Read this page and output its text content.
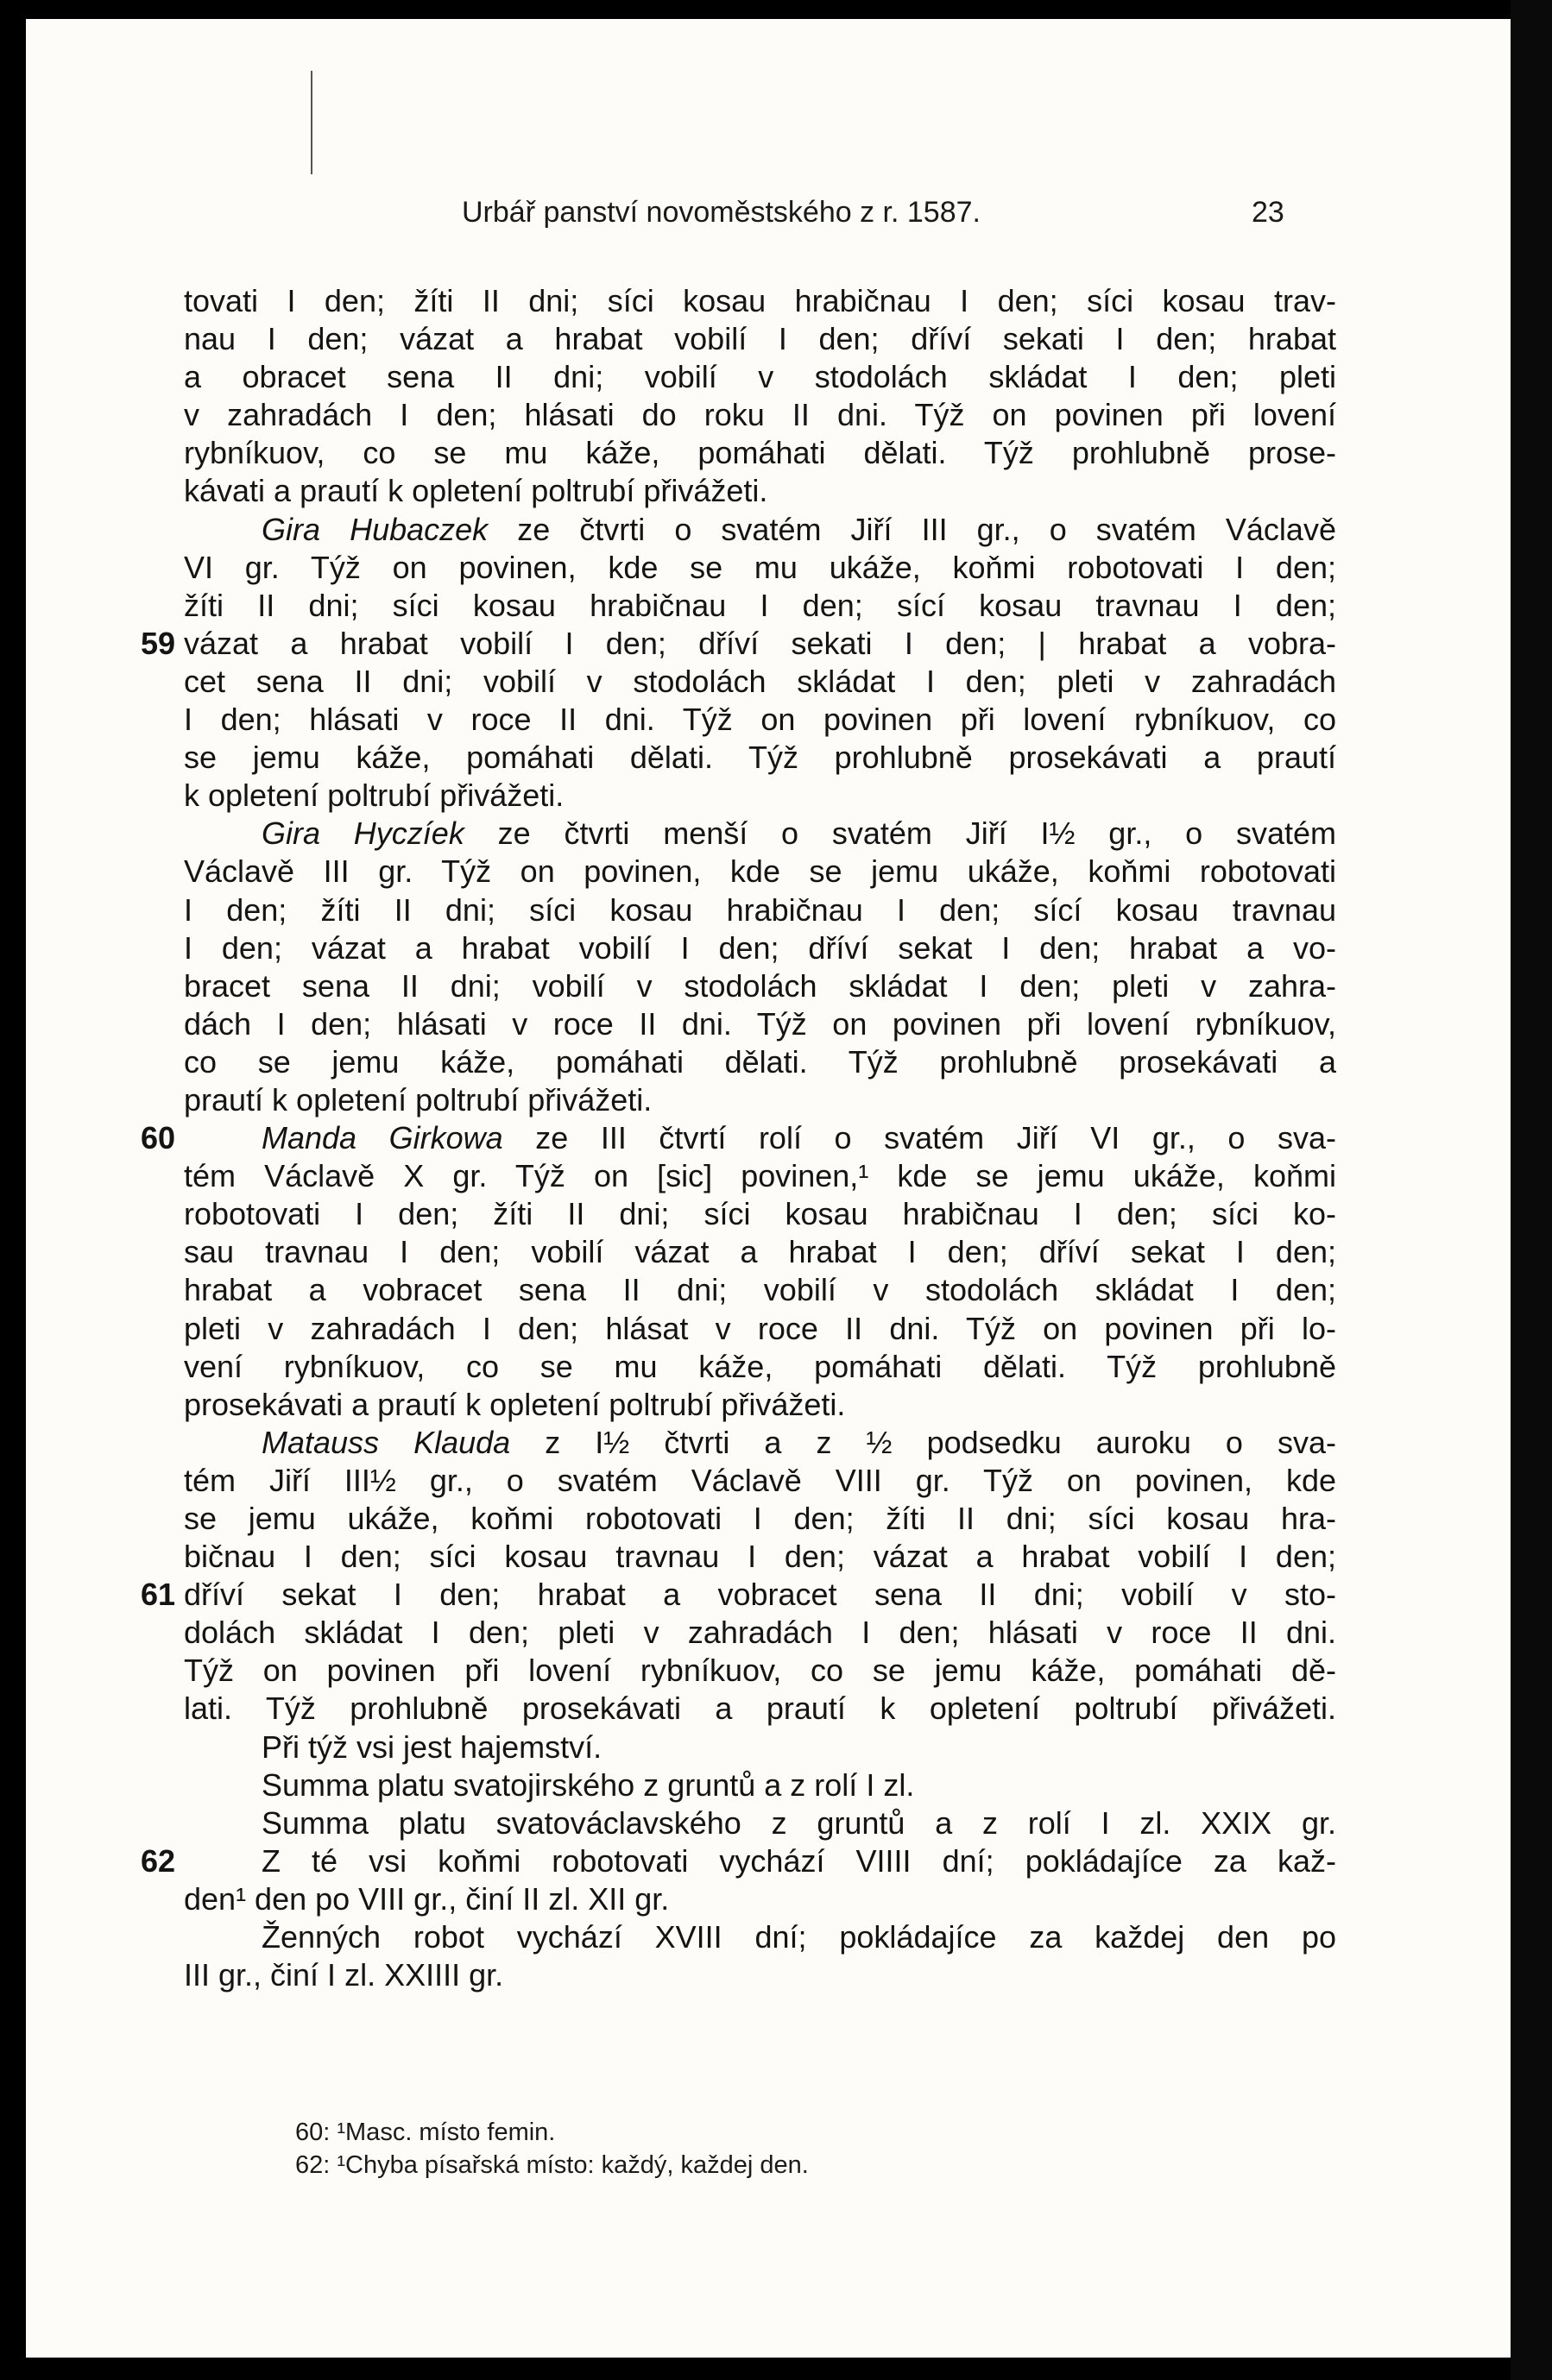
Urbář panství novoměstského z r. 1587.	23
tovati I den; žíti II dni; síci kosau hrabičnau I den; síci kosau trav-
nau I den; vázat a hrabat vobilí I den; dříví sekati I den; hrabat
a obracet sena II dni; vobilí v stodolách skládat I den; pleti
v zahradách I den; hlásati do roku II dni. Týž on povinen při lovení
rybníkuov, co se mu káže, pomáhati dělati. Týž prohlubně prose-
kávati a prautí k opletení poltrubí přivážeti.
Gira Hubaczek ze čtvrti o svatém Jiří III gr., o svatém Václavě
VI gr. Týž on povinen, kde se mu ukáže, koňmi robotovati I den;
žíti II dni; síci kosau hrabičnau I den; sící kosau travnau I den;
59 vázat a hrabat vobilí I den; dříví sekati I den; | hrabat a vobra-
cet sena II dni; vobilí v stodolách skládat I den; pleti v zahradách
I den; hlásati v roce II dni. Týž on povinen při lovení rybníkuov, co
se jemu káže, pomáhati dělati. Týž prohlubně prosekávati a prautí
k opletení poltrubí přivážeti.
Gira Hyczíek ze čtvrti menší o svatém Jiří I½ gr., o svatém
Václavě III gr. Týž on povinen, kde se jemu ukáže, koňmi robotovati
I den; žíti II dni; síci kosau hrabičnau I den; sící kosau travnau
I den; vázat a hrabat vobilí I den; dříví sekat I den; hrabat a vo-
bracet sena II dni; vobilí v stodolách skládat I den; pleti v zahra-
dách I den; hlásati v roce II dni. Týž on povinen při lovení rybníkuov,
co se jemu káže, pomáhati dělati. Týž prohlubně prosekávati a
prautí k opletení poltrubí přivážeti.
60	Manda Girkowa ze III čtvrtí rolí o svatém Jiří VI gr., o sva-
tém Václavě X gr. Týž on [sic] povinen,¹ kde se jemu ukáže, koňmi
robotovati I den; žíti II dni; síci kosau hrabičnau I den; síci ko-
sau travnau I den; vobilí vázat a hrabat I den; dříví sekat I den;
hrabat a vobracet sena II dni; vobilí v stodolách skládat I den;
pleti v zahradách I den; hlásat v roce II dni. Týž on povinen při lo-
vení rybníkuov, co se mu káže, pomáhati dělati. Týž prohlubně
prosekávati a prautí k opletení poltrubí přivážeti.
Matauss Klauda z I½ čtvrti a z ½ podsedku auroku o sva-
tém Jiří III½ gr., o svatém Václavě VIII gr. Týž on povinen, kde
se jemu ukáže, koňmi robotovati I den; žíti II dni; síci kosau hra-
bičnau I den; síci kosau travnau I den; vázat a hrabat vobilí I den;
61 dříví sekat I den; hrabat a vobracet sena II dni; vobilí v sto-
dolách skládat I den; pleti v zahradách I den; hlásati v roce II dni.
Týž on povinen při lovení rybníkuov, co se jemu káže, pomáhati dě-
lati. Týž prohlubně prosekávati a prautí k opletení poltrubí přivážeti.
Při týž vsi jest hajemství.
Summa platu svatojirského z gruntů a z rolí I zl.
Summa platu svatováclavského z gruntů a z rolí I zl. XXIX gr.
62	Z té vsi koňmi robotovati vychází VIIII dní; pokládajíce za kaž-
den¹ den po VIII gr., činí II zl. XII gr.
Ženných robot vychází XVIII dní; pokládajíce za každej den po
III gr., činí I zl. XXIIII gr.
60: ¹Masc. místo femin.
62: ¹Chyba písařská místo: každý, každej den.
